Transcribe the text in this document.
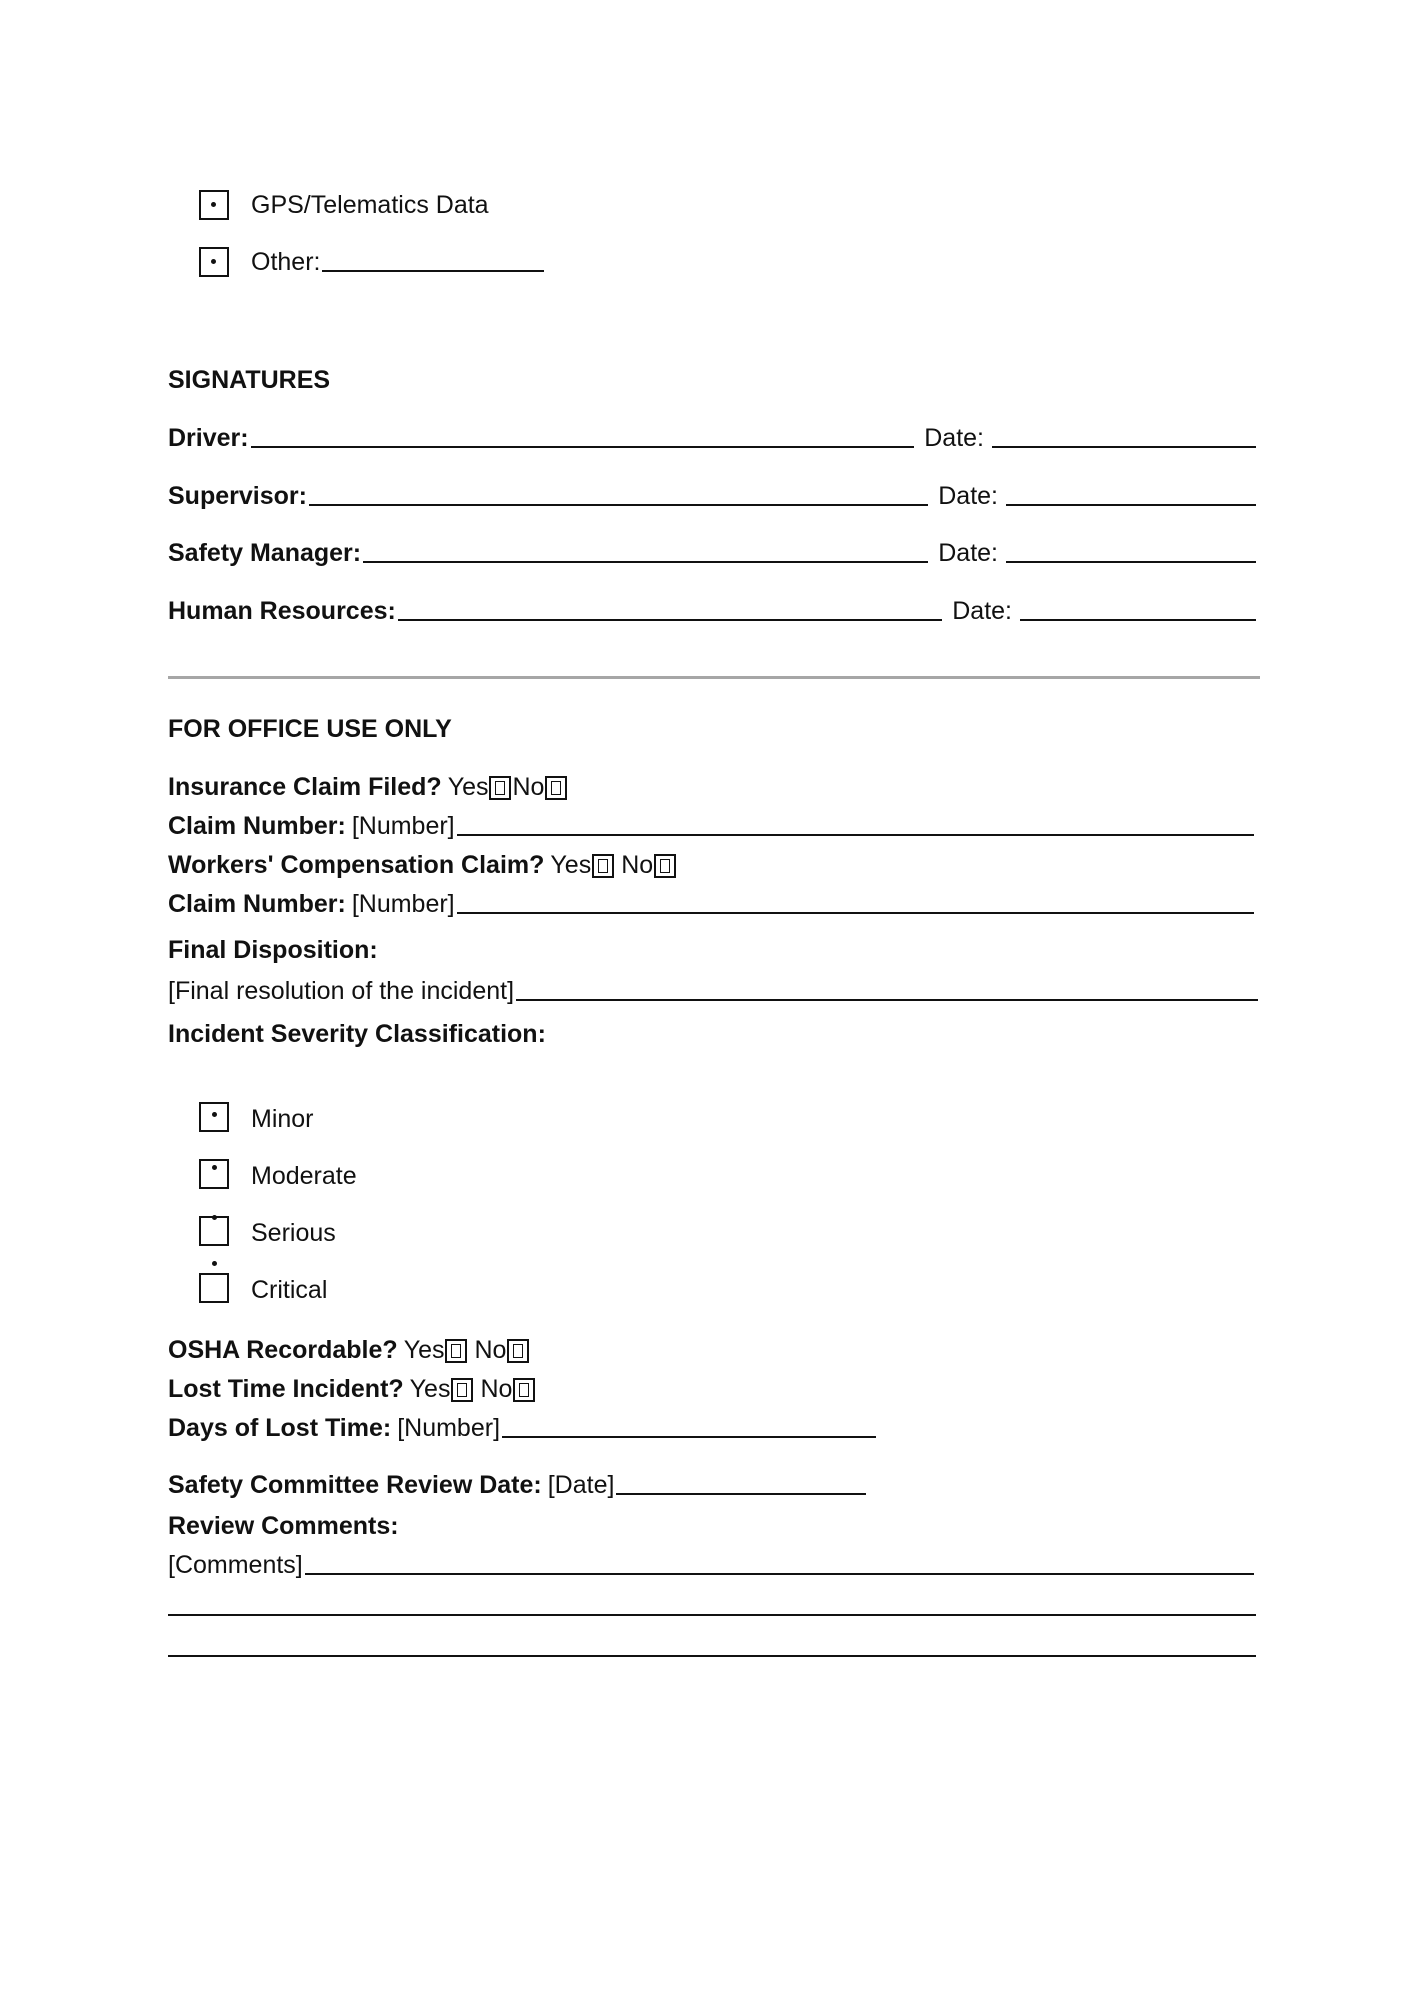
GPS/Telematics Data
Other:
SIGNATURES
Driver:	Date:
Supervisor:	Date:
Safety Manager:	Date:
Human Resources:	Date:
FOR OFFICE USE ONLY
Insurance Claim Filed? Yes No
Claim Number: [Number]
Workers' Compensation Claim? Yes No
Claim Number: [Number]
Final Disposition:
[Final resolution of the incident]
Incident Severity Classification:
Minor
Moderate
Serious
Critical
OSHA Recordable? Yes No
Lost Time Incident? Yes No
Days of Lost Time: [Number]
Safety Committee Review Date: [Date]
Review Comments:
[Comments]
